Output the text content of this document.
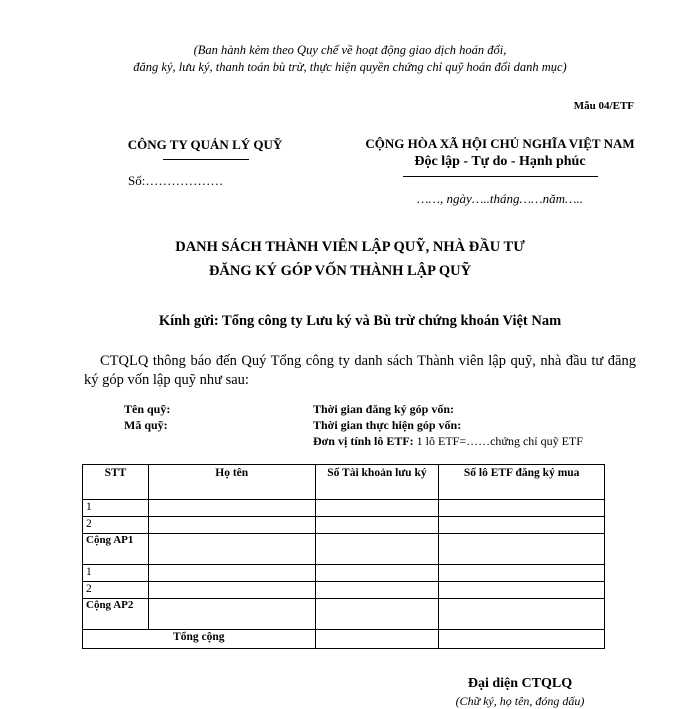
(Ban hành kèm theo Quy chế về hoạt động giao dịch hoán đổi,
đăng ký, lưu ký, thanh toán bù trừ, thực hiện quyền chứng chỉ quỹ hoán đổi danh mục)
Mẫu 04/ETF
CÔNG TY QUẢN LÝ QUỸ
Số:………………
CỘNG HÒA XÃ HỘI CHỦ NGHĨA VIỆT NAM
Độc lập - Tự do - Hạnh phúc
……, ngày…..tháng……năm…..
DANH SÁCH THÀNH VIÊN LẬP QUỸ, NHÀ ĐẦU TƯ
ĐĂNG KÝ GÓP VỐN THÀNH LẬP QUỸ
Kính gửi: Tổng công ty Lưu ký và Bù trừ chứng khoán Việt Nam
CTQLQ thông báo đến Quý Tổng công ty danh sách Thành viên lập quỹ, nhà đầu tư đăng ký góp vốn lập quỹ như sau:
Tên quỹ:
Mã quỹ:
Thời gian đăng ký góp vốn:
Thời gian thực hiện góp vốn:
Đơn vị tính lô ETF: 1 lô ETF=……chứng chỉ quỹ ETF
STT	Họ tên	Số Tài khoản lưu ký	Số lô ETF đăng ký mua
1			
2			
Cộng AP1			
1			
2			
Cộng AP2			
Tổng cộng			
Đại diện CTQLQ
(Chữ ký, họ tên, đóng dấu)
